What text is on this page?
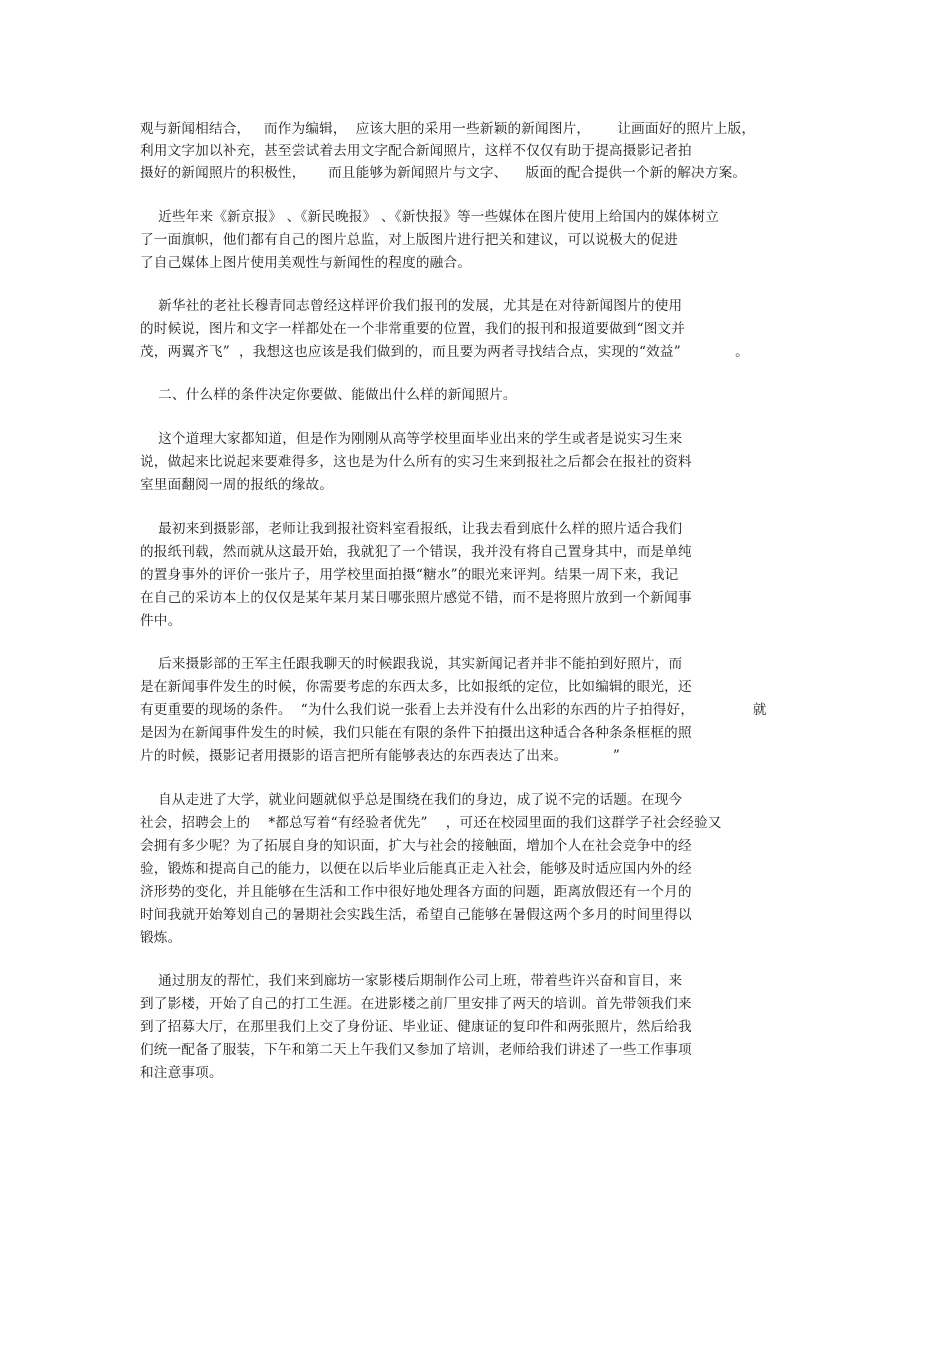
观与新闻相结合，   而作为编辑，  应该大胆的采用一些新颖的新闻图片，      让画面好的照片上版，
利用文字加以补充，甚至尝试着去用文字配合新闻照片，这样不仅仅有助于提高摄影记者拍
摄好的新闻照片的积极性，     而且能够为新闻照片与文字、    版面的配合提供一个新的解决方案。
近些年来《新京报》 、《新民晚报》 、《新快报》等一些媒体在图片使用上给国内的媒体树立
了一面旗帜，他们都有自己的图片总监，对上版图片进行把关和建议，可以说极大的促进
了自己媒体上图片使用美观性与新闻性的程度的融合。
新华社的老社长穆青同志曾经这样评价我们报刊的发展，尤其是在对待新闻图片的使用
的时候说，图片和文字一样都处在一个非常重要的位置，我们的报刊和报道要做到“图文并
茂，两翼齐飞”  ，我想这也应该是我们做到的，而且要为两者寻找结合点，实现的“效益”            。
二、什么样的条件决定你要做、能做出什么样的新闻照片。
这个道理大家都知道，但是作为刚刚从高等学校里面毕业出来的学生或者是说实习生来
说，做起来比说起来要难得多，这也是为什么所有的实习生来到报社之后都会在报社的资料
室里面翻阅一周的报纸的缘故。
最初来到摄影部，老师让我到报社资料室看报纸，让我去看到底什么样的照片适合我们
的报纸刊载，然而就从这最开始，我就犯了一个错误，我并没有将自己置身其中，而是单纯
的置身事外的评价一张片子，用学校里面拍摄“糖水”的眼光来评判。结果一周下来，我记
在自己的采访本上的仅仅是某年某月某日哪张照片感觉不错，而不是将照片放到一个新闻事
件中。
后来摄影部的王军主任跟我聊天的时候跟我说，其实新闻记者并非不能拍到好照片，而
是在新闻事件发生的时候，你需要考虑的东西太多，比如报纸的定位，比如编辑的眼光，还
有更重要的现场的条件。  “为什么我们说一张看上去并没有什么出彩的东西的片子拍得好，             就
是因为在新闻事件发生的时候，我们只能在有限的条件下拍摄出这种适合各种条条框框的照
片的时候，摄影记者用摄影的语言把所有能够表达的东西表达了出来。          ”
自从走进了大学，就业问题就似乎总是围绕在我们的身边，成了说不完的话题。在现今
社会，招聘会上的    *都总写着“有经验者优先”    ，可还在校园里面的我们这群学子社会经验又
会拥有多少呢？为了拓展自身的知识面，扩大与社会的接触面，增加个人在社会竞争中的经
验，锻炼和提高自己的能力，以便在以后毕业后能真正走入社会，能够及时适应国内外的经
济形势的变化，并且能够在生活和工作中很好地处理各方面的问题，距离放假还有一个月的
时间我就开始筹划自己的暑期社会实践生活，希望自己能够在暑假这两个多月的时间里得以
锻炼。
通过朋友的帮忙，我们来到廊坊一家影楼后期制作公司上班，带着些许兴奋和盲目，来
到了影楼，开始了自己的打工生涯。在进影楼之前厂里安排了两天的培训。首先带领我们来
到了招募大厅，在那里我们上交了身份证、毕业证、健康证的复印件和两张照片，然后给我
们统一配备了服装，下午和第二天上午我们又参加了培训，老师给我们讲述了一些工作事项
和注意事项。
